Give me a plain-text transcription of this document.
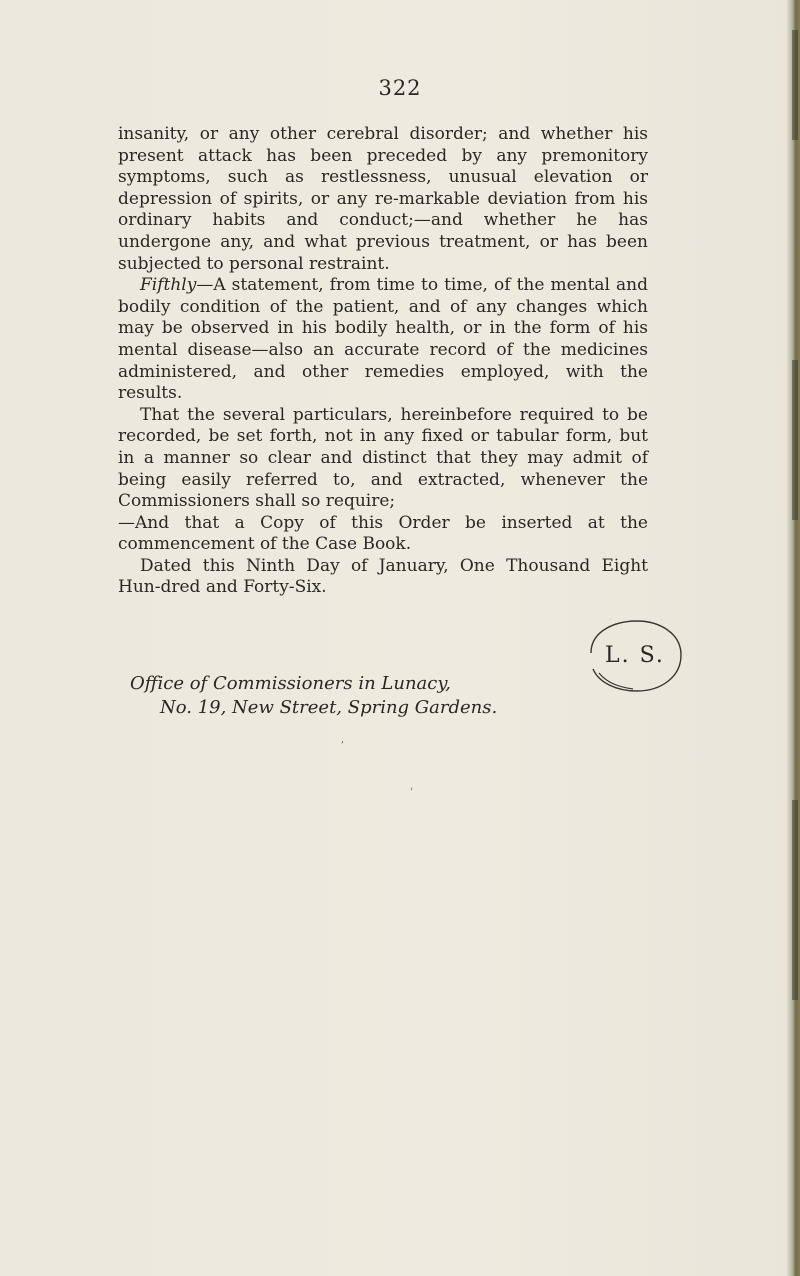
322

insanity, or any other cerebral disorder; and whether his present attack has been preceded by any premonitory symptoms, such as restlessness, unusual elevation or depression of spirits, or any re-markable deviation from his ordinary habits and conduct;—and whether he has undergone any, and what previous treatment, or has been subjected to personal restraint.

Fifthly—A statement, from time to time, of the mental and bodily condition of the patient, and of any changes which may be observed in his bodily health, or in the form of his mental disease—also an accurate record of the medicines administered, and other remedies employed, with the results.

That the several particulars, hereinbefore required to be recorded, be set forth, not in any fixed or tabular form, but in a manner so clear and distinct that they may admit of being easily referred to, and extracted, whenever the Commissioners shall so require;

—And that a Copy of this Order be inserted at the commencement of the Case Book.

Dated this Ninth Day of January, One Thousand Eight Hun-dred and Forty-Six.

L. S.
Office of Commissioners in Lunacy,
No. 19, New Street, Spring Gardens.
,
'
